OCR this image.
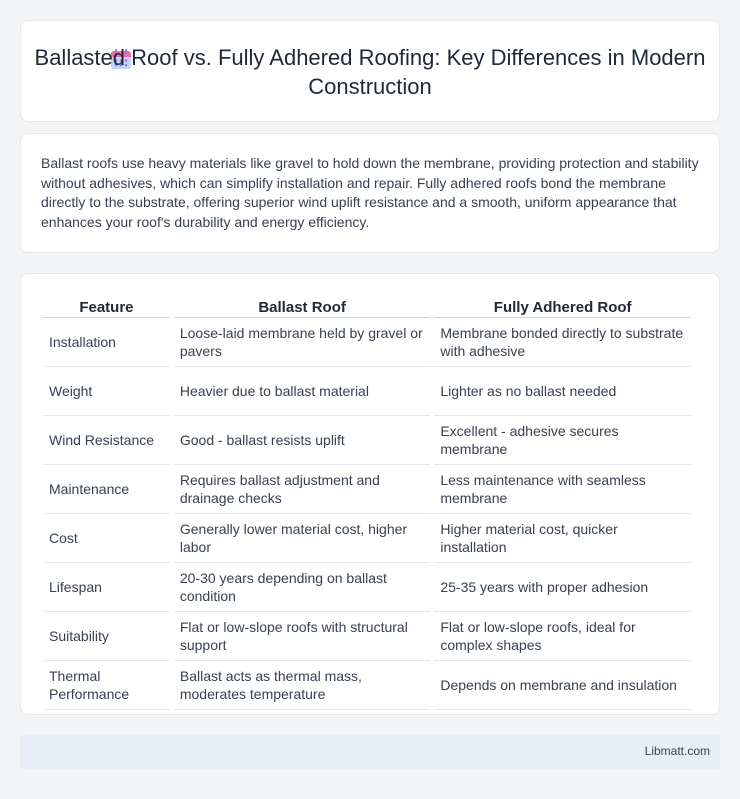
Ballasted Roof vs. Fully Adhered Roofing: Key Differences in Modern Construction

Ballast roofs use heavy materials like gravel to hold down the membrane, providing protection and stability without adhesives, which can simplify installation and repair. Fully adhered roofs bond the membrane directly to the substrate, offering superior wind uplift resistance and a smooth, uniform appearance that enhances your roof's durability and energy efficiency.

Feature	Ballast Roof	Fully Adhered Roof
Installation	Loose-laid membrane held by gravel or pavers	Membrane bonded directly to substrate with adhesive
Weight	Heavier due to ballast material	Lighter as no ballast needed
Wind Resistance	Good - ballast resists uplift	Excellent - adhesive secures membrane
Maintenance	Requires ballast adjustment and drainage checks	Less maintenance with seamless membrane
Cost	Generally lower material cost, higher labor	Higher material cost, quicker installation
Lifespan	20-30 years depending on ballast condition	25-35 years with proper adhesion
Suitability	Flat or low-slope roofs with structural support	Flat or low-slope roofs, ideal for complex shapes
Thermal Performance	Ballast acts as thermal mass, moderates temperature	Depends on membrane and insulation
Libmatt.com
